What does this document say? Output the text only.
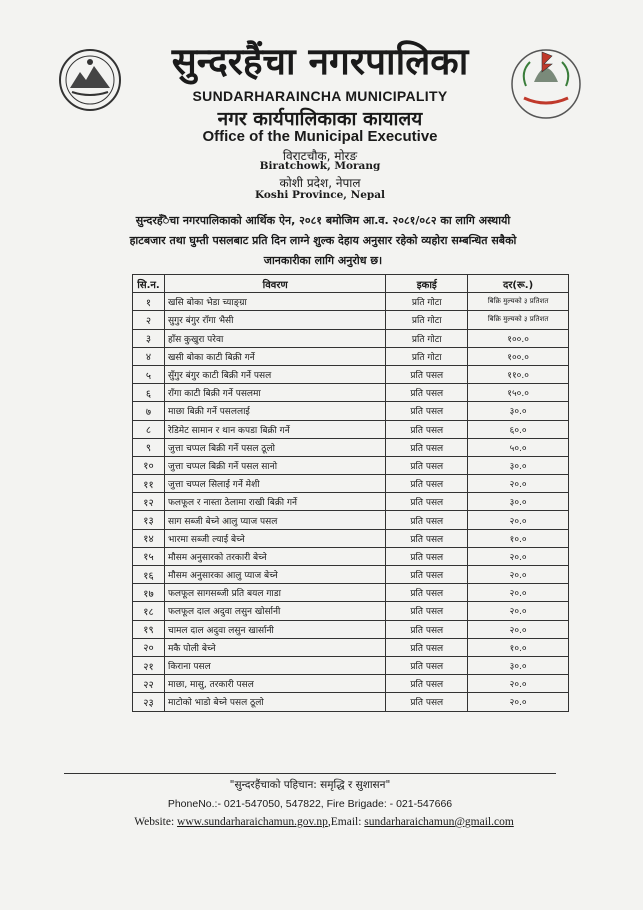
सुन्दरहैंचा नगरपालिका
SUNDARHARAINCHA MUNICIPALITY
नगर कार्यपालिकाका कायालय
Office of the Municipal Executive
विराटचौक, मोरङ
Biratchowk, Morang
कोशी प्रदेश, नेपाल
Koshi Province, Nepal
सुन्दरहँैचा नगरपालिकाको आर्थिक ऐन, २०८१ बमोजिम आ.व. २०८१/०८२ का लागि अस्थायी
हाटबजार तथा घुम्ती पसलबाट प्रति दिन लाग्ने शुल्क देहाय अनुसार रहेको व्यहोरा सम्बन्धित सबैको
जानकारीका लागि अनुरोध छ।
सि.न.	विवरण	इकाई	दर(रू.)
१	खसि बोका भेडा च्याङ्ग्रा	प्रति गोटा	बिक्रि मुल्यको ३ प्रतिशत
२	सुगुर बंगुर राँगा भैसी	प्रति गोटा	बिक्रि मुल्यको ३ प्रतिशत
३	हाँस कुखुरा परेवा	प्रति गोटा	१००.०
४	खसी बोका काटी बिक्री गर्ने	प्रति गोटा	१००.०
५	सुँगुर बंगुर काटी बिक्री गर्ने पसल	प्रति पसल	११०.०
६	राँगा काटी बिक्री गर्ने पसलमा	प्रति पसल	१५०.०
७	माछा बिक्री गर्ने पसललाई	प्रति पसल	३०.०
८	रेडिमेट सामान र थान कपडा बिक्री गर्ने	प्रति पसल	६०.०
९	जुत्ता चप्पल बिक्री गर्ने पसल ठूलो	प्रति पसल	५०.०
१०	जुत्ता चप्पल बिक्री गर्ने पसल सानो	प्रति पसल	३०.०
११	जुत्ता चप्पल सिलाई गर्ने मेशी	प्रति पसल	२०.०
१२	फलफूल र नास्ता ठेलामा राखी बिक्री गर्ने	प्रति पसल	३०.०
१३	साग सब्जी बेच्ने आलु प्याज पसल	प्रति पसल	२०.०
१४	भारमा सब्जी ल्याई बेच्ने	प्रति पसल	१०.०
१५	मौसम अनुसारको तरकारी बेच्ने	प्रति पसल	२०.०
१६	मौसम अनुसारका आलु प्याज बेच्ने	प्रति पसल	२०.०
१७	फलफूल सागसब्जी प्रति बयल गाडा	प्रति पसल	२०.०
१८	फलफूल दाल अदुवा लसुन खोर्सानी	प्रति पसल	२०.०
१९	चामल दाल अदुवा लसुन खार्सानी	प्रति पसल	२०.०
२०	मकै पोली बेच्ने	प्रति पसल	१०.०
२१	किराना पसल	प्रति पसल	३०.०
२२	माछा, मासु, तरकारी पसल	प्रति पसल	२०.०
२३	माटोको भाडो बेच्ने पसल ठूलो	प्रति पसल	२०.०
"सुन्दरहैंचाको पहिचान: समृद्धि र सुशासन"
PhoneNo.:- 021-547050, 547822, Fire Brigade: - 021-547666
Website: www.sundarharaichamun.gov.np,Email: sundarharaichamun@gmail.com
